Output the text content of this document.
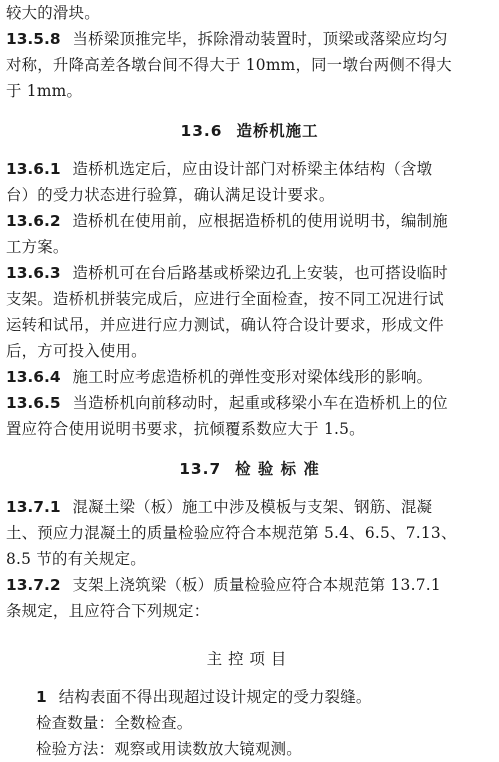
较大的滑块。
13.5.8 当桥梁顶推完毕，拆除滑动装置时，顶梁或落梁应均匀
对称，升降高差各墩台间不得大于 10mm，同一墩台两侧不得大
于 1mm。
13.6 造桥机施工
13.6.1 造桥机选定后，应由设计部门对桥梁主体结构（含墩
台）的受力状态进行验算，确认满足设计要求。
13.6.2 造桥机在使用前，应根据造桥机的使用说明书，编制施
工方案。
13.6.3 造桥机可在台后路基或桥梁边孔上安装，也可搭设临时
支架。造桥机拼装完成后，应进行全面检查，按不同工况进行试
运转和试吊，并应进行应力测试，确认符合设计要求，形成文件
后，方可投入使用。
13.6.4 施工时应考虑造桥机的弹性变形对梁体线形的影响。
13.6.5 当造桥机向前移动时，起重或移梁小车在造桥机上的位
置应符合使用说明书要求，抗倾覆系数应大于 1.5。
13.7 检 验 标 准
13.7.1 混凝土梁（板）施工中涉及模板与支架、钢筋、混凝
土、预应力混凝土的质量检验应符合本规范第 5.4、6.5、7.13、
8.5 节的有关规定。
13.7.2 支架上浇筑梁（板）质量检验应符合本规范第 13.7.1
条规定，且应符合下列规定：
主控项目
1 结构表面不得出现超过设计规定的受力裂缝。
检查数量：全数检查。
检验方法：观察或用读数放大镜观测。
